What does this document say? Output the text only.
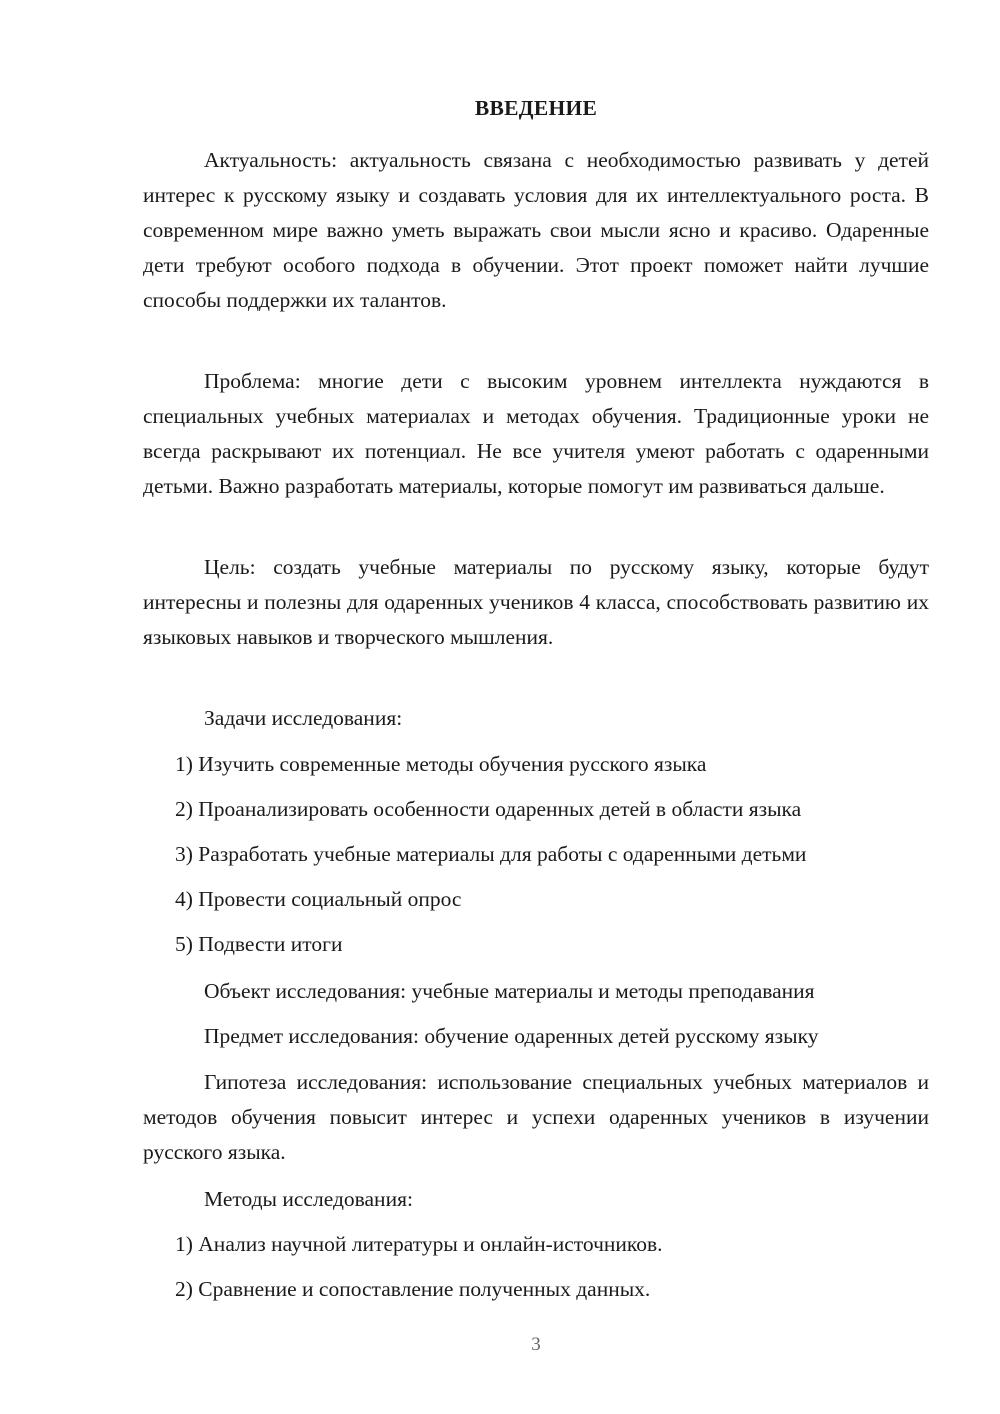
ВВЕДЕНИЕ
Актуальность: актуальность связана с необходимостью развивать у детей интерес к русскому языку и создавать условия для их интеллектуального роста. В современном мире важно уметь выражать свои мысли ясно и красиво. Одаренные дети требуют особого подхода в обучении. Этот проект поможет найти лучшие способы поддержки их талантов.
Проблема: многие дети с высоким уровнем интеллекта нуждаются в специальных учебных материалах и методах обучения. Традиционные уроки не всегда раскрывают их потенциал. Не все учителя умеют работать с одаренными детьми. Важно разработать материалы, которые помогут им развиваться дальше.
Цель: создать учебные материалы по русскому языку, которые будут интересны и полезны для одаренных учеников 4 класса, способствовать развитию их языковых навыков и творческого мышления.
Задачи исследования:
1) Изучить современные методы обучения русского языка
2) Проанализировать особенности одаренных детей в области языка
3) Разработать учебные материалы для работы с одаренными детьми
4) Провести социальный опрос
5) Подвести итоги
Объект исследования: учебные материалы и методы преподавания
Предмет исследования: обучение одаренных детей русскому языку
Гипотеза исследования: использование специальных учебных материалов и методов обучения повысит интерес и успехи одаренных учеников в изучении русского языка.
Методы исследования:
1) Анализ научной литературы и онлайн-источников.
2) Сравнение и сопоставление полученных данных.
3
